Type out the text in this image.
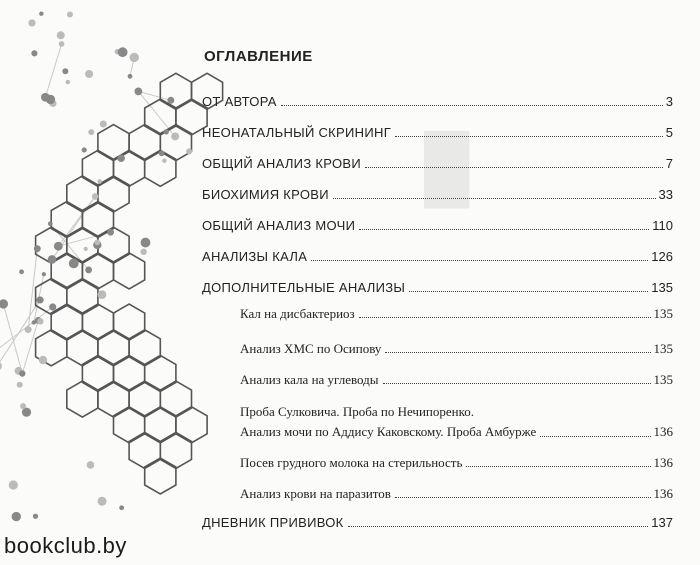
█
ОГЛАВЛЕНИЕ
ОТ АВТОРА	3
НЕОНАТАЛЬНЫЙ СКРИНИНГ	5
ОБЩИЙ АНАЛИЗ КРОВИ	7
БИОХИМИЯ КРОВИ	33
ОБЩИЙ АНАЛИЗ МОЧИ	110
АНАЛИЗЫ КАЛА	126
ДОПОЛНИТЕЛЬНЫЕ АНАЛИЗЫ	135
Кал на дисбактериоз	135
Анализ ХМС по Осипову	135
Анализ кала на углеводы	135
Проба Сулковича. Проба по Нечипоренко.
Анализ мочи по Аддису Каковскому. Проба Амбурже	136
Посев грудного молока на стерильность	136
Анализ крови на паразитов	136
ДНЕВНИК ПРИВИВОК	137
bookclub.by
